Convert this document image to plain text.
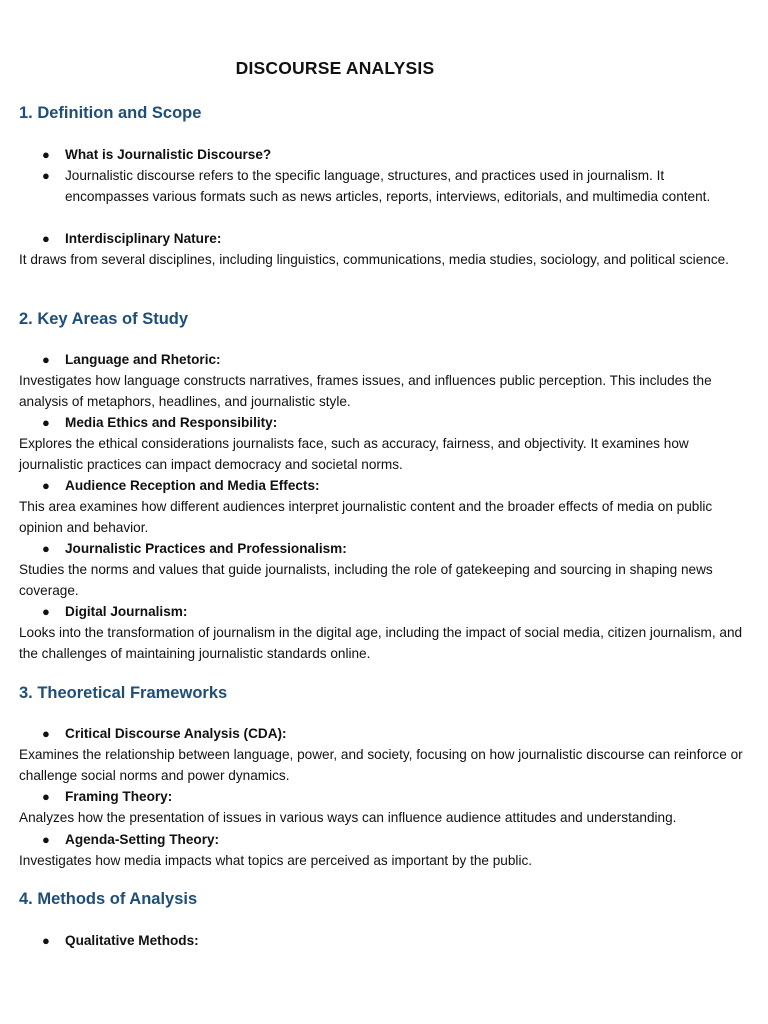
DISCOURSE ANALYSIS
1. Definition and Scope
● What is Journalistic Discourse?
● Journalistic discourse refers to the specific language, structures, and practices used in journalism. It encompasses various formats such as news articles, reports, interviews, editorials, and multimedia content.
● Interdisciplinary Nature:

It draws from several disciplines, including linguistics, communications, media studies, sociology, and political science.

2. Key Areas of Study
● Language and Rhetoric:

Investigates how language constructs narratives, frames issues, and influences public perception. This includes the analysis of metaphors, headlines, and journalistic style.

● Media Ethics and Responsibility:

Explores the ethical considerations journalists face, such as accuracy, fairness, and objectivity. It examines how journalistic practices can impact democracy and societal norms.

● Audience Reception and Media Effects:

This area examines how different audiences interpret journalistic content and the broader effects of media on public opinion and behavior.

● Journalistic Practices and Professionalism:

Studies the norms and values that guide journalists, including the role of gatekeeping and sourcing in shaping news coverage.

● Digital Journalism:

Looks into the transformation of journalism in the digital age, including the impact of social media, citizen journalism, and the challenges of maintaining journalistic standards online.

3. Theoretical Frameworks
● Critical Discourse Analysis (CDA):

Examines the relationship between language, power, and society, focusing on how journalistic discourse can reinforce or challenge social norms and power dynamics.

● Framing Theory:

Analyzes how the presentation of issues in various ways can influence audience attitudes and understanding.

● Agenda-Setting Theory:

Investigates how media impacts what topics are perceived as important by the public.

4. Methods of Analysis
● Qualitative Methods:
